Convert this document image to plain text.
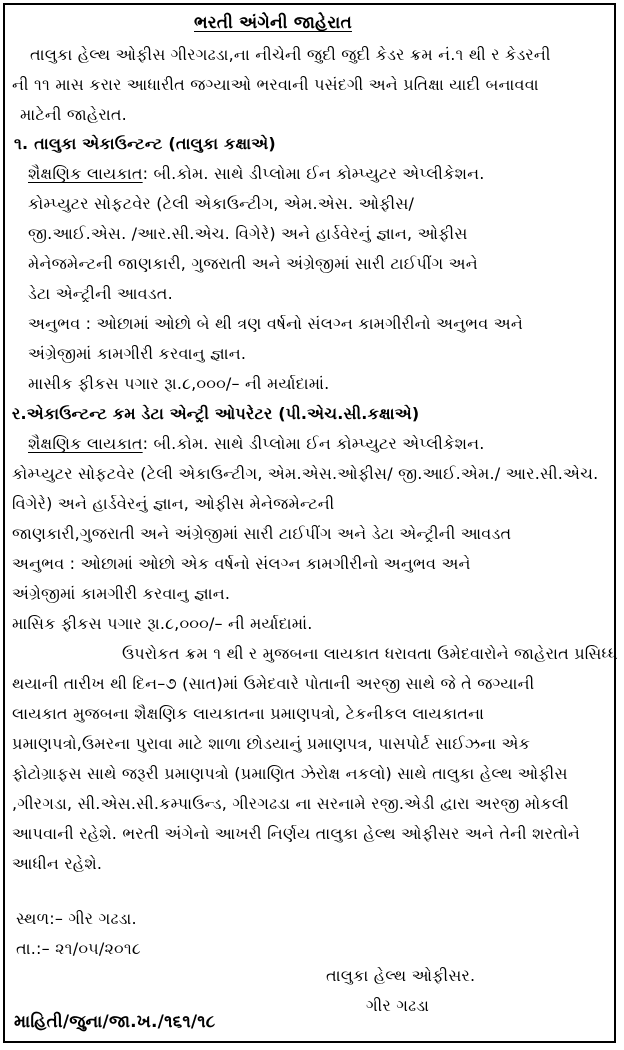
ભરતી અંગેની જાહેરાત
તાલુકા હેલ્થ ઓફીસ ગીરગઢડા,ના નીચેની જુદી જુદી કેડર ક્રમ નં.૧ થી ર કેડરની
ની ૧૧ માસ કરાર આધારીત જગ્યાઓ ભરવાની પસંદગી અને પ્રતિક્ષા યાદી બનાવવા
માટેની જાહેરાત.
૧. તાલુકા એકાઉન્ટન્ટ (તાલુકા કક્ષાએ)
શૈક્ષણિક લાયકાત: બી.કોમ. સાથે ડીપ્લોમા ઈન કોમ્પ્યુટર એપ્લીકેશન.
કોમ્પ્યુટર સોફટવેર (ટેલી એકાઉન્ટીગ, એમ.એસ. ઓફીસ/
જી.આઈ.એસ. /આર.સી.એચ. વિગેરે) અને હાર્ડવેરનું જ્ઞાન, ઓફીસ
મેનેજમેન્ટની જાણકારી, ગુજરાતી અને અંગ્રેજીમાં સારી ટાઈપીંગ અને
ડેટા એન્ટ્રીની આવડત.
અનુભવ : ઓછામાં ઓછો બે થી ત્રણ વર્ષનો સંલગ્ન કામગીરીનો અનુભવ અને
અંગ્રેજીમાં કામગીરી કરવાનુ જ્ઞાન.
માસીક ફીકસ પગાર રૂા.૮,૦૦૦/– ની મર્યાદામાં.
ર.એકાઉન્ટન્ટ કમ ડેટા એન્ટ્રી ઓપરેટર (પી.એચ.સી.કક્ષાએ)
શૈક્ષણિક લાયકાત: બી.કોમ. સાથે ડીપ્લોમા ઈન કોમ્પ્યુટર એપ્લીકેશન.
કોમ્પ્યુટર સોફટવેર (ટેલી એકાઉન્ટીગ, એમ.એસ.ઓફીસ/ જી.આઈ.એમ./ આર.સી.એચ.
વિગેરે) અને હાર્ડવેરનું જ્ઞાન, ઓફીસ મેનેજમેન્ટની
જાણકારી,ગુજરાતી અને અંગ્રેજીમાં સારી ટાઈપીંગ અને ડેટા એન્ટ્રીની આવડત
અનુભવ : ઓછામાં ઓછો એક વર્ષનો સંલગ્ન કામગીરીનો અનુભવ અને
અંગ્રેજીમાં કામગીરી કરવાનુ જ્ઞાન.
માસિક ફીકસ પગાર રૂા.૮,૦૦૦/– ની મર્યાદામાં.
ઉપરોકત ક્રમ ૧ થી ર મુજબના લાયકાત ધરાવતા ઉમેદવારોને જાહેરાત પ્રસિધ્ધ
થયાની તારીખ થી દિન–૭ (સાત)માં ઉમેદવારે પોતાની અરજી સાથે જે તે જગ્યાની
લાયકાત મુજબના શૈક્ષણિક લાયકાતના પ્રમાણપત્રો, ટેકનીકલ લાયકાતના
પ્રમાણપત્રો,ઉમરના પુરાવા માટે શાળા છોડયાનું પ્રમાણપત્ર, પાસપોર્ટ સાઈઝના એક
ફોટોગ્રાફસ સાથે જરૂરી પ્રમાણપત્રો (પ્રમાણિત ઝેરોક્ષ નકલો) સાથે તાલુકા હેલ્થ ઓફીસ
,ગીરગડા, સી.એસ.સી.કમ્પાઉન્ડ, ગીરગઢડા ના સરનામે રજી.એડી દ્વારા અરજી મોકલી
આપવાની રહેશે. ભરતી અંગેનો આખરી નિર્ણય તાલુકા હેલ્થ ઓફીસર અને તેની શરતોને
આધીન રહેશે.
સ્થળ:– ગીર ગઢડા.
તા.:– ૨૧/૦૫/૨૦૧૮
તાલુકા હેલ્થ ઓફીસર.
ગીર ગઢડા
માહિતી/જુના/જા.ખ./૧૬૧/૧૮
